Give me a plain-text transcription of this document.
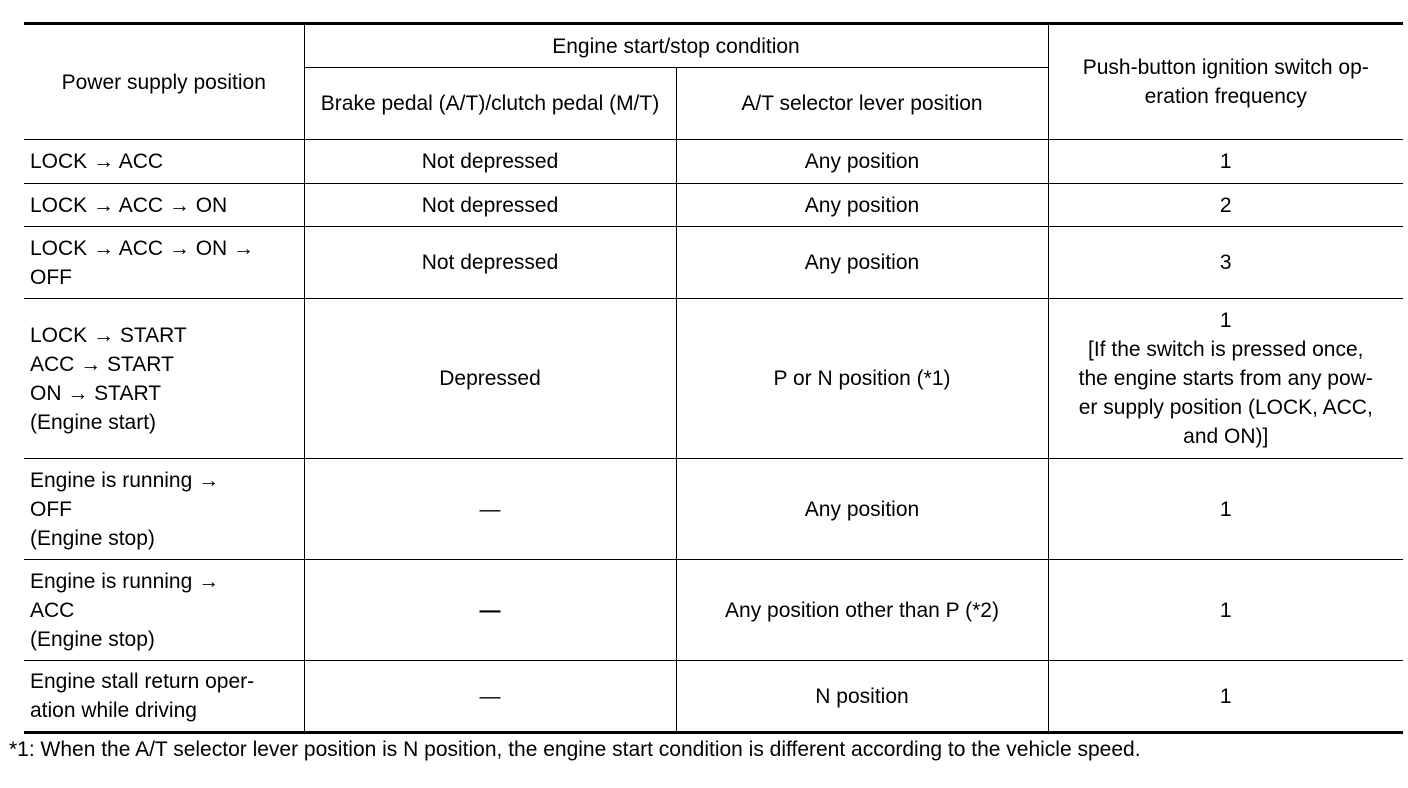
Power supply position	Engine start/stop condition		Push-button ignition switch op-
eration frequency
	Brake pedal (A/T)/clutch pedal (M/T)	A/T selector lever position	
LOCK → ACC	Not depressed	Any position	1
LOCK → ACC → ON	Not depressed	Any position	2
LOCK → ACC → ON →
OFF	Not depressed	Any position	3
LOCK → START
ACC → START
ON → START
(Engine start)	Depressed	P or N position (*1)	1
[If the switch is pressed once,
the engine starts from any pow-
er supply position (LOCK, ACC,
and ON)]
Engine is running →
OFF
(Engine stop)	—	Any position	1
Engine is running →
ACC
(Engine stop)	—	Any position other than P (*2)	1
Engine stall return oper-
ation while driving	—	N position	1

*1: When the A/T selector lever position is N position, the engine start condition is different according to the vehicle speed.
